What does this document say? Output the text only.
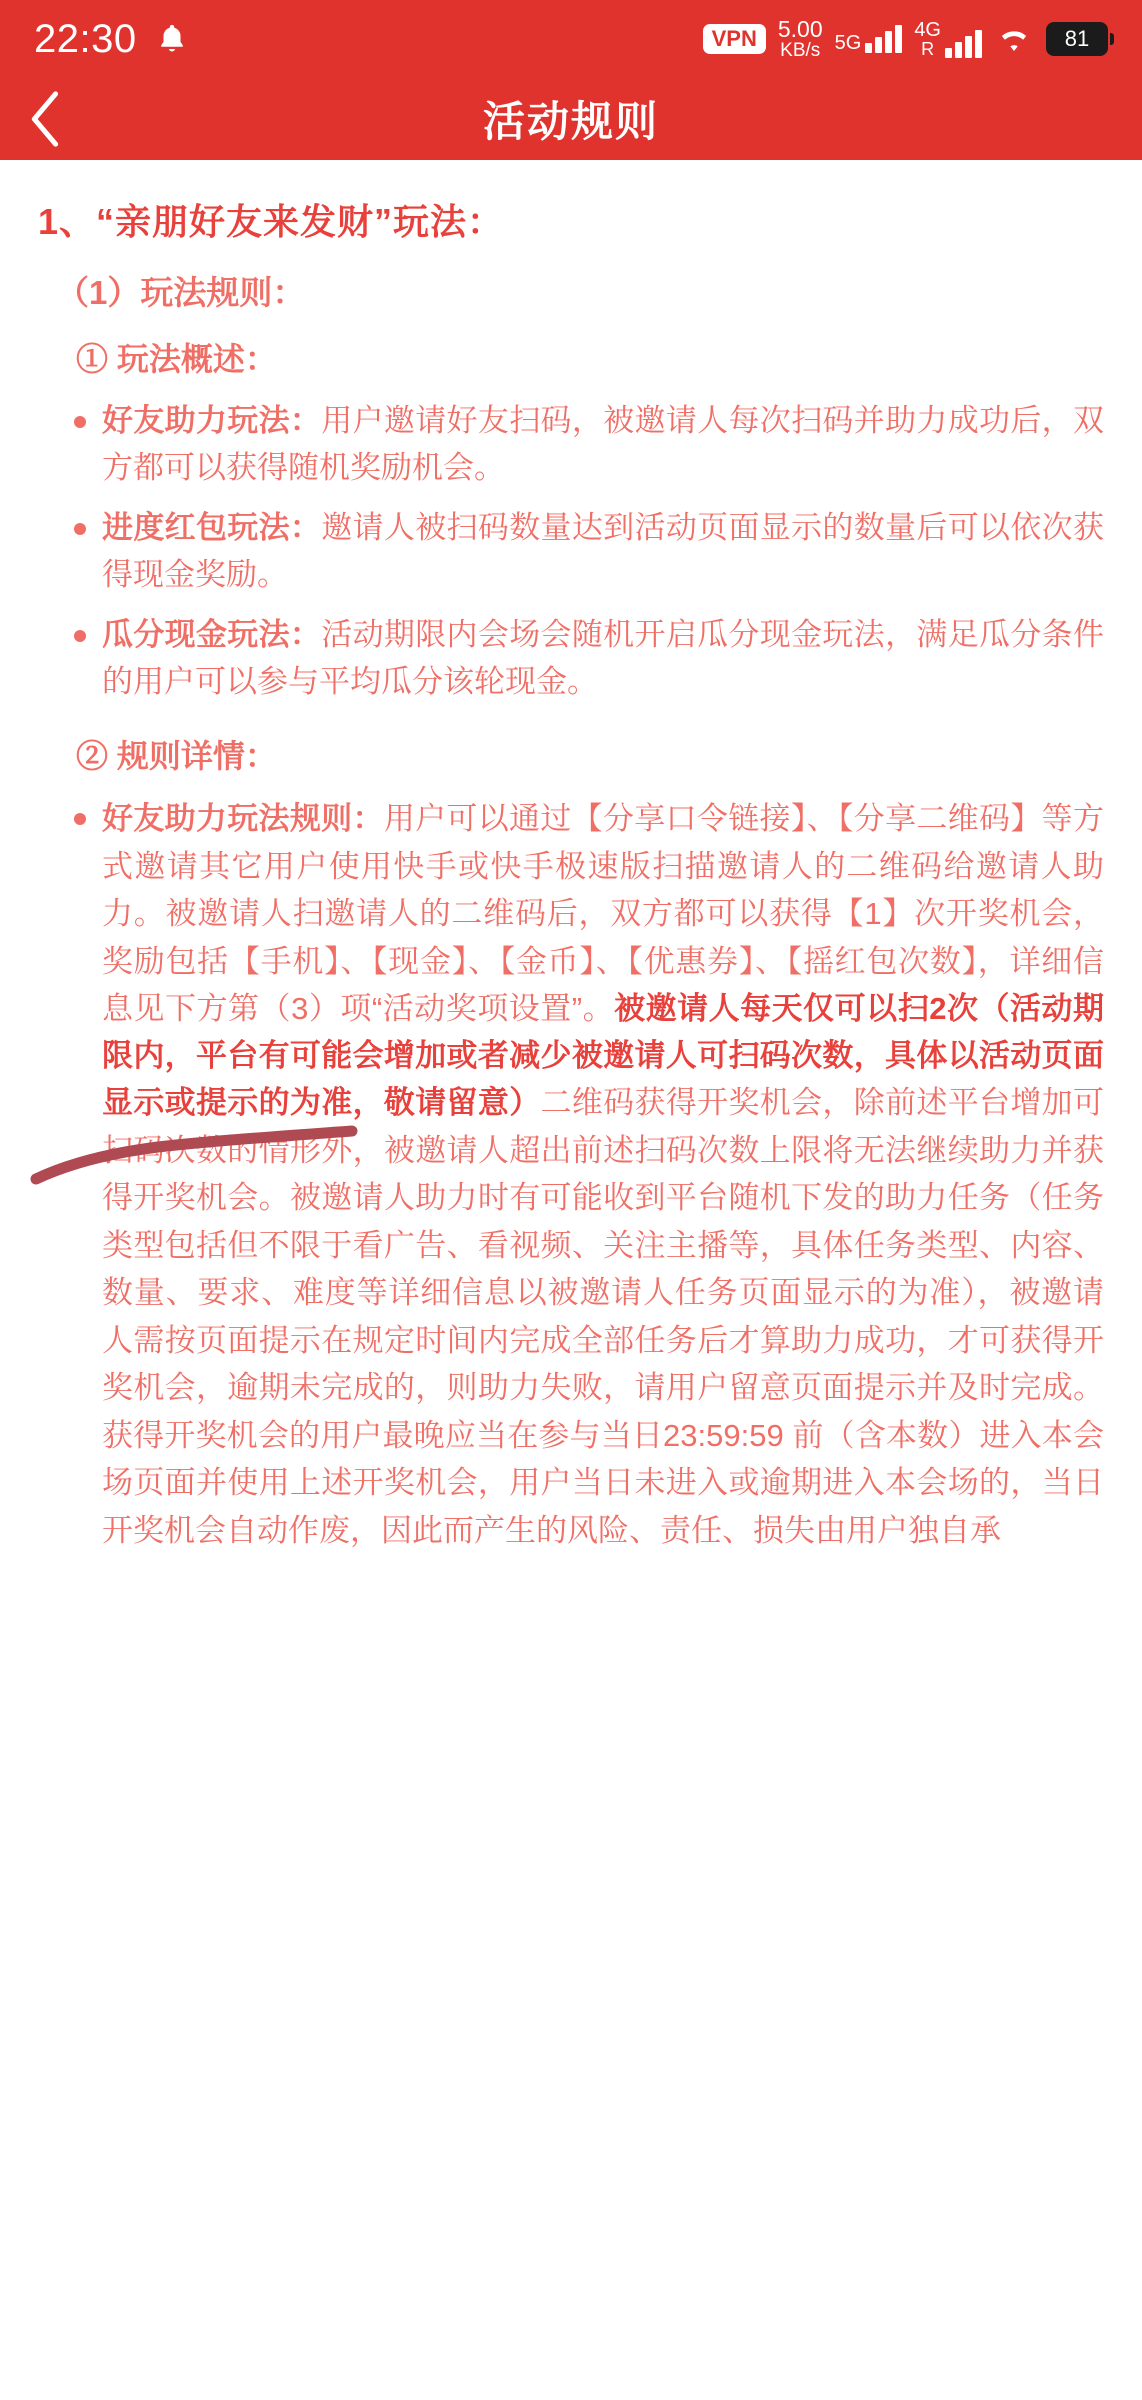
22:30	VPN 5.00
KB/s 5G
4G
R	81
活动规则
1、“亲朋好友来发财”玩法：
（1）玩法规则：
① 玩法概述：
好友助力玩法：用户邀请好友扫码，被邀请人每次扫码并助力成功后，双方都可以获得随机奖励机会。
进度红包玩法：邀请人被扫码数量达到活动页面显示的数量后可以依次获得现金奖励。
瓜分现金玩法：活动期限内会场会随机开启瓜分现金玩法，满足瓜分条件的用户可以参与平均瓜分该轮现金。
② 规则详情：
好友助力玩法规则：用户可以通过【分享口令链接】、【分享二维码】等方式邀请其它用户使用快手或快手极速版扫描邀请人的二维码给邀请人助力。被邀请人扫邀请人的二维码后，双方都可以获得【1】次开奖机会，奖励包括【手机】、【现金】、【金币】、【优惠券】、【摇红包次数】，详细信息见下方第（3）项“活动奖项设置”。被邀请人每天仅可以扫2次（活动期限内，平台有可能会增加或者减少被邀请人可扫码次数，具体以活动页面显示或提示的为准，敬请留意）二维码获得开奖机会，除前述平台增加可扫码次数的情形外，被邀请人超出前述扫码次数上限将无法继续助力并获得开奖机会。被邀请人助力时有可能收到平台随机下发的助力任务（任务类型包括但不限于看广告、看视频、关注主播等，具体任务类型、内容、数量、要求、难度等详细信息以被邀请人任务页面显示的为准），被邀请人需按页面提示在规定时间内完成全部任务后才算助力成功，才可获得开奖机会，逾期未完成的，则助力失败，请用户留意页面提示并及时完成。获得开奖机会的用户最晚应当在参与当日23:59:59 前（含本数）进入本会场页面并使用上述开奖机会，用户当日未进入或逾期进入本会场的，当日开奖机会自动作废，因此而产生的风险、责任、损失由用户独自承
